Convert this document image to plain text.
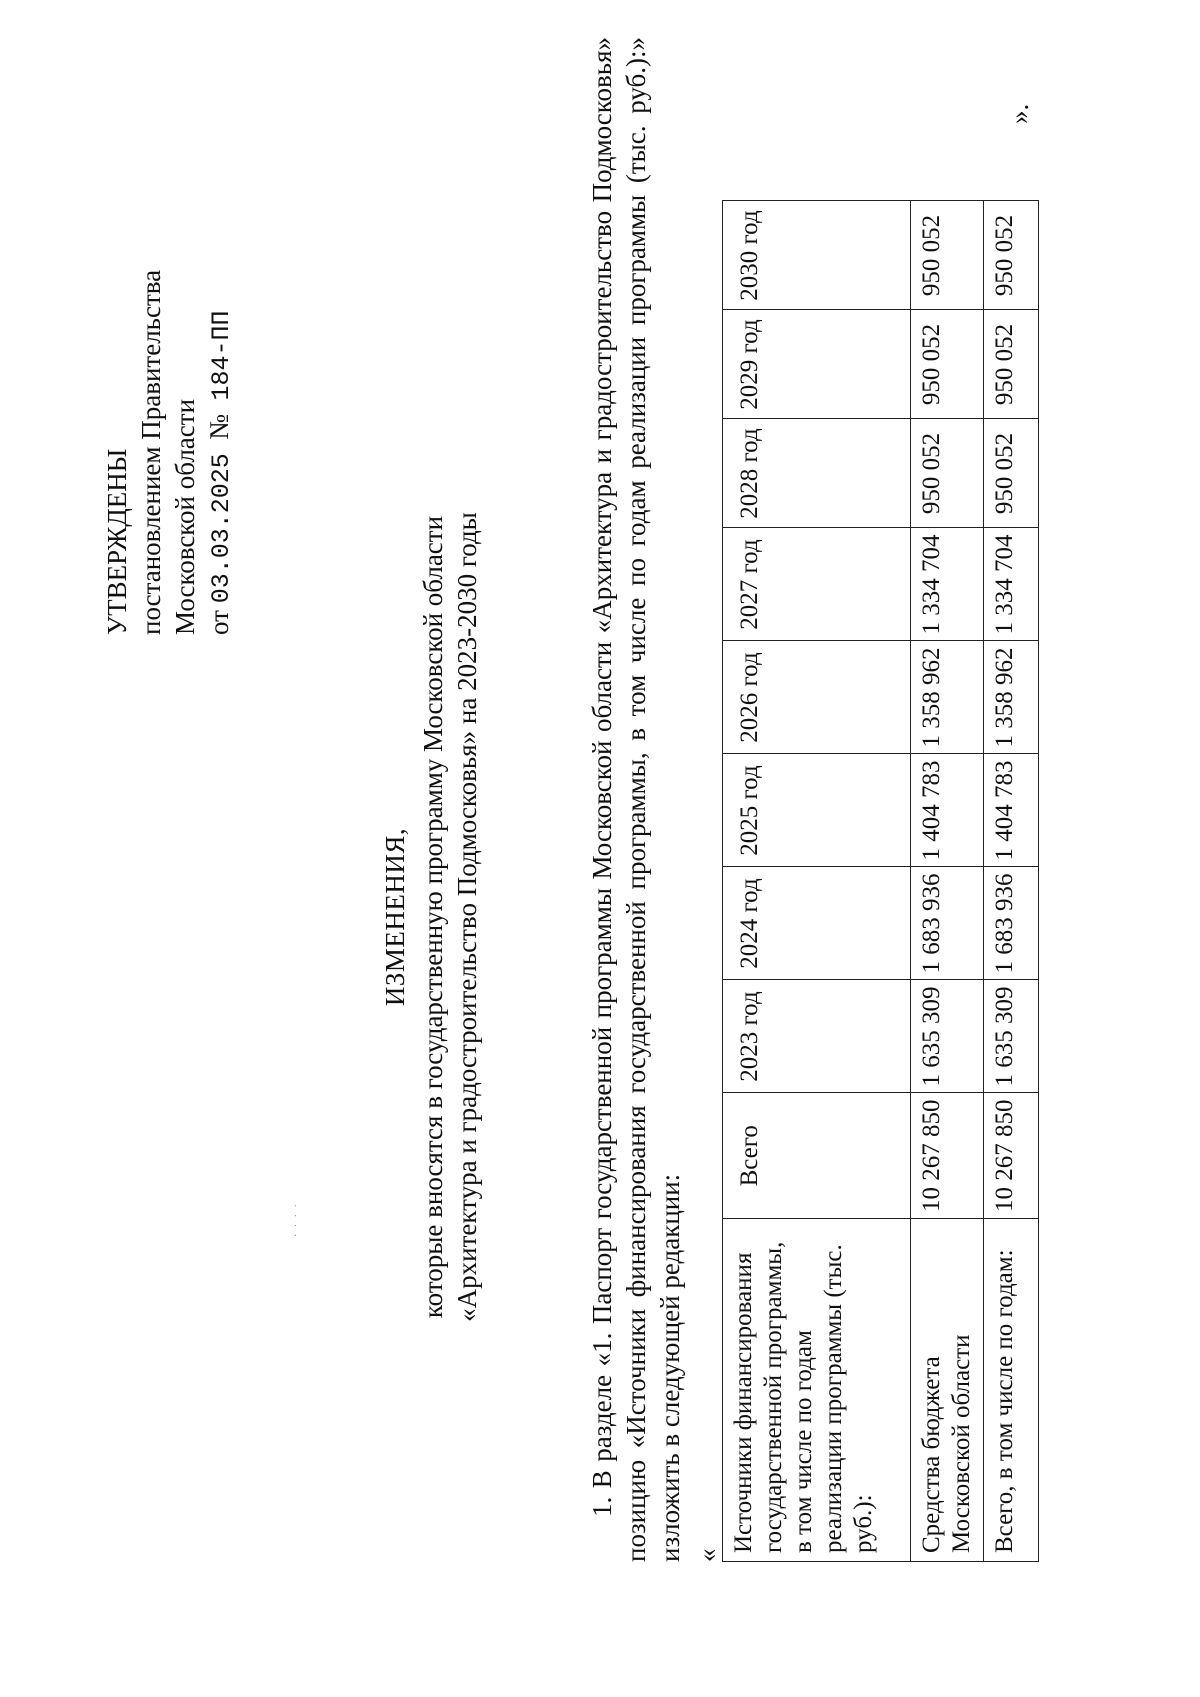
· · · ·
УТВЕРЖДЕНЫ постановлением Правительства Московской области от 03.03.2025  №  184-ПП
ИЗМЕНЕНИЯ, которые вносятся в государственную программу Московской области «Архитектура и градостроительство Подмосковья» на 2023-2030 годы	1. В разделе «1. Паспорт государственной программы Московской области «Архитектура и градостроительство Подмосковья» позицию «Источники финансирования государственной программы, в том числе по годам реализации программы (тыс. руб.):» изложить в следующей редакции: «
Источники финансирования государственной программы, в том числе по годам реализации программы (тыс. руб.):	Всего	2023 год	2024 год	2025 год	2026 год	2027 год	2028 год	2029 год	2030 год
Средства бюджета Московской области	10 267 850	1 635 309	1 683 936	1 404 783	1 358 962	1 334 704	950 052	950 052	950 052
Всего, в том числе по годам:	10 267 850	1 635 309	1 683 936	1 404 783	1 358 962	1 334 704	950 052	950 052	950 052
».
